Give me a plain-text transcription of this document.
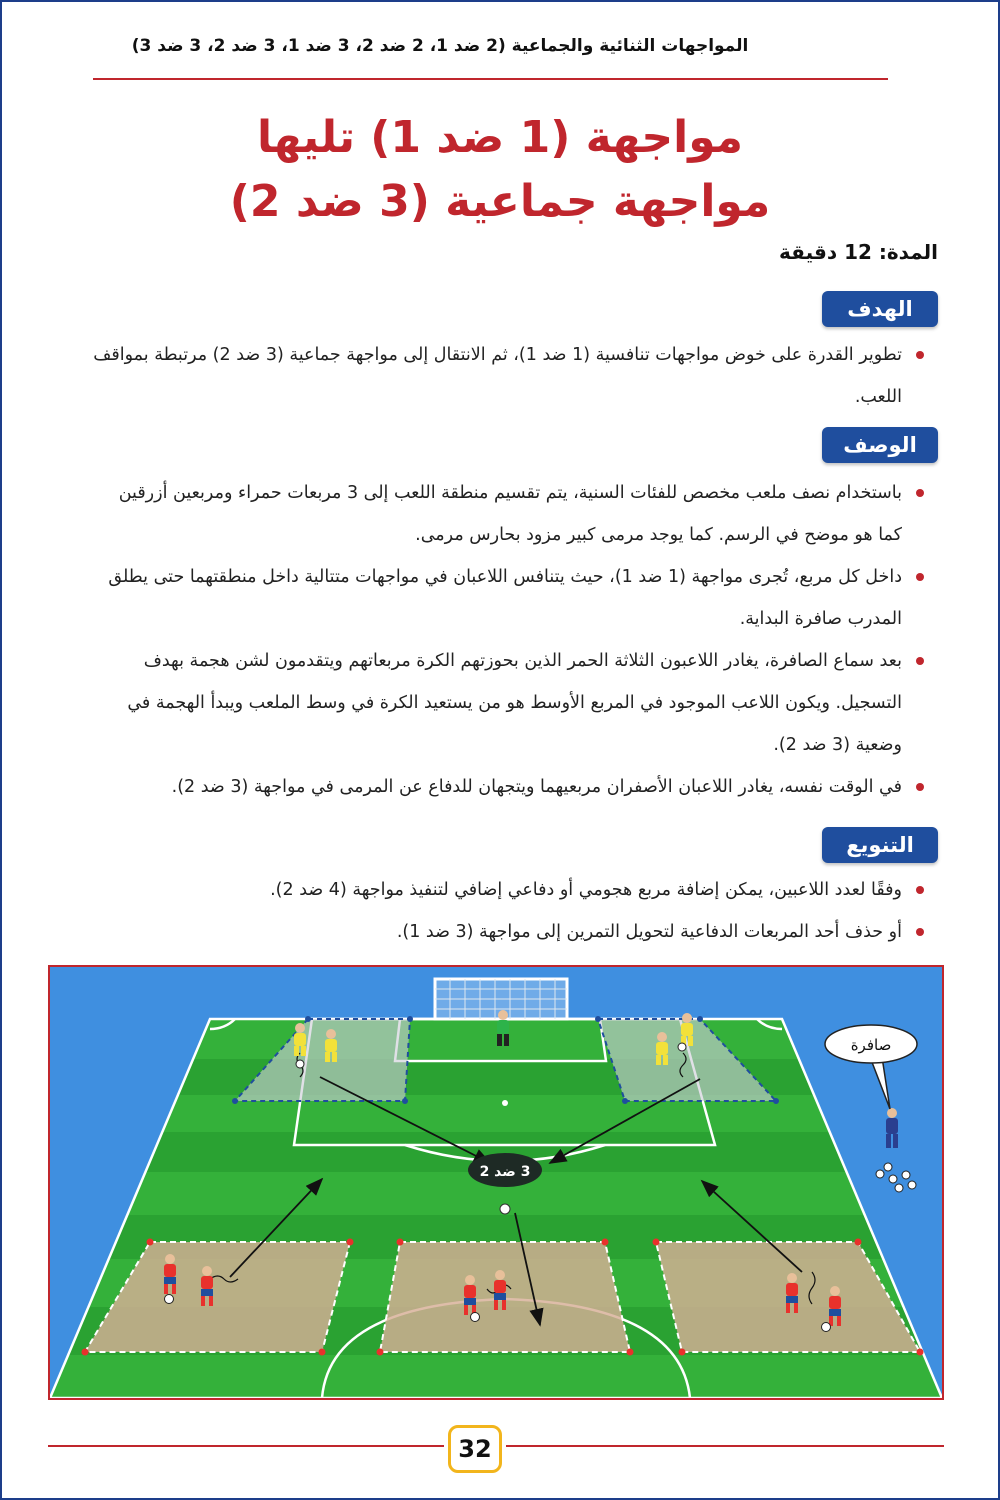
المواجهات الثنائية والجماعية (2 ضد 1، 2 ضد 2، 3 ضد 1، 3 ضد 2، 3 ضد 3)
مواجهة (1 ضد 1) تليها
مواجهة جماعية (3 ضد 2)
المدة: 12 دقيقة
الهدف
تطوير القدرة على خوض مواجهات تنافسية (1 ضد 1)، ثم الانتقال إلى مواجهة جماعية (3 ضد 2) مرتبطة بمواقف اللعب.
الوصف
باستخدام نصف ملعب مخصص للفئات السنية، يتم تقسيم منطقة اللعب إلى 3 مربعات حمراء ومربعين أزرقين كما هو موضح في الرسم. كما يوجد مرمى كبير مزود بحارس مرمى.
داخل كل مربع، تُجرى مواجهة (1 ضد 1)، حيث يتنافس اللاعبان في مواجهات متتالية داخل منطقتهما حتى يطلق المدرب صافرة البداية.
بعد سماع الصافرة، يغادر اللاعبون الثلاثة الحمر الذين بحوزتهم الكرة مربعاتهم ويتقدمون لشن هجمة بهدف التسجيل. ويكون اللاعب الموجود في المربع الأوسط هو من يستعيد الكرة في وسط الملعب ويبدأ الهجمة في وضعية (3 ضد 2).
في الوقت نفسه، يغادر اللاعبان الأصفران مربعيهما ويتجهان للدفاع عن المرمى في مواجهة (3 ضد 2).
التنويع
وفقًا لعدد اللاعبين، يمكن إضافة مربع هجومي أو دفاعي إضافي لتنفيذ مواجهة (4 ضد 2).
أو حذف أحد المربعات الدفاعية لتحويل التمرين إلى مواجهة (3 ضد 1).
3 ضد 2
صافرة
32
